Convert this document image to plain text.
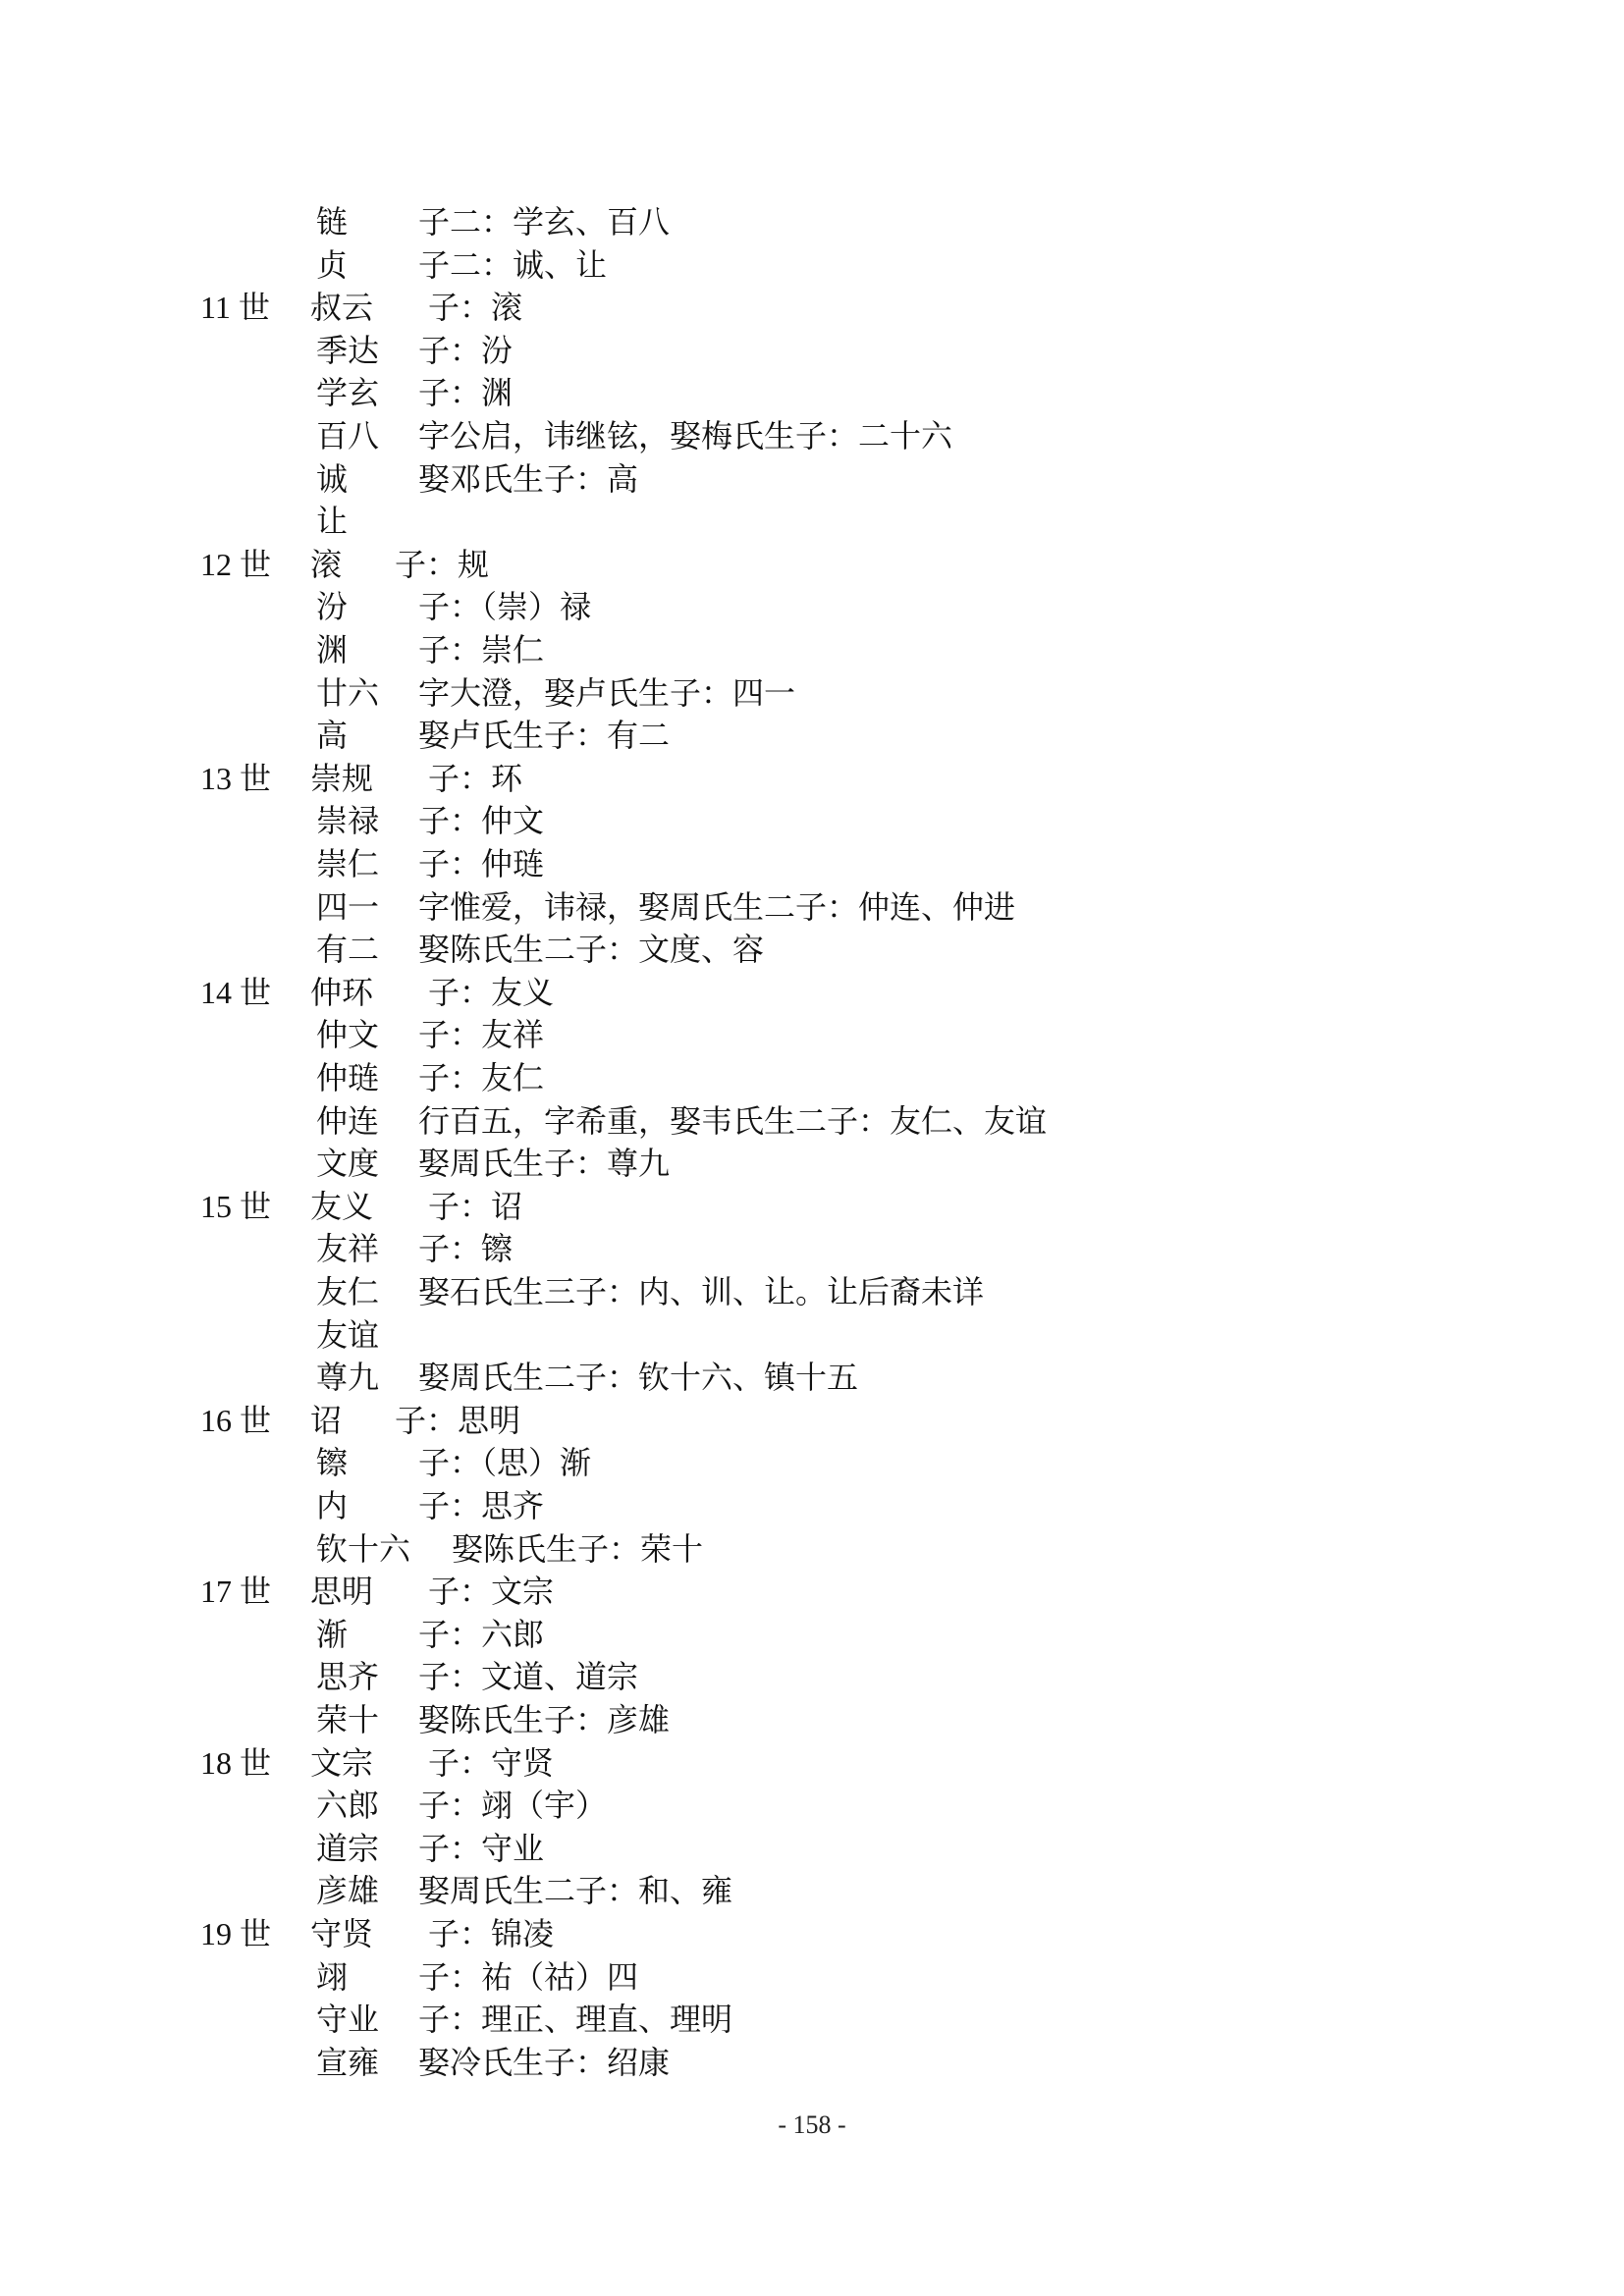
链 子二：学玄、百八
贞 子二：诚、让
11 世	叔云 子：滚
季达 子：汾
学玄 子：渊
百八 字公启，讳继铉，娶梅氏生子：二十六
诚 娶邓氏生子：高
让
12 世	滚 子：规
汾 子：（崇）禄
渊 子：崇仁
廿六 字大澄，娶卢氏生子：四一
高 娶卢氏生子：有二
13 世	崇规 子：环
崇禄 子：仲文
崇仁 子：仲琏
四一 字惟爱，讳禄，娶周氏生二子：仲连、仲进
有二 娶陈氏生二子：文度、容
14 世	仲环 子：友义
仲文 子：友祥
仲琏 子：友仁
仲连 行百五，字希重，娶韦氏生二子：友仁、友谊
文度 娶周氏生子：尊九
15 世	友义 子：诏
友祥 子：镲
友仁 娶石氏生三子：内、训、让。让后裔未详
友谊
尊九 娶周氏生二子：钦十六、镇十五
16 世	诏 子：思明
镲 子：（思）渐
内 子：思齐
钦十六 娶陈氏生子：荣十
17 世	思明 子：文宗
渐 子：六郎
思齐 子：文道、道宗
荣十 娶陈氏生子：彦雄
18 世	文宗 子：守贤
六郎 子：翊（宇）
道宗 子：守业
彦雄 娶周氏生二子：和、雍
19 世	守贤 子：锦凌
翊 子：祐（祜）四
守业 子：理正、理直、理明
宣雍 娶冷氏生子：绍康
- 158 -
